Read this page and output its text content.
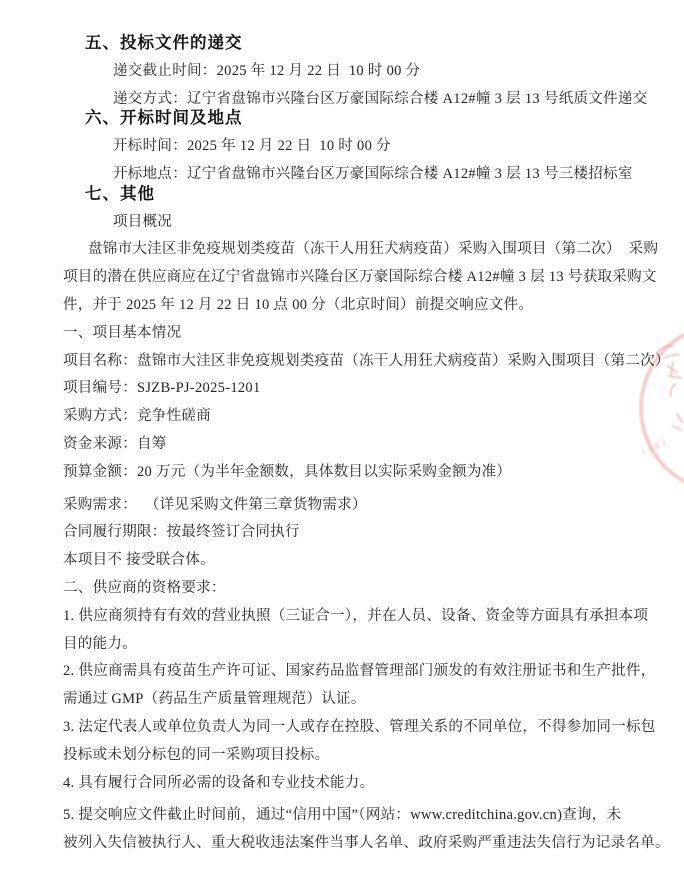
1182
五、投标文件的递交
递交截止时间：2025 年 12 月 22 日  10 时 00 分
递交方式：辽宁省盘锦市兴隆台区万豪国际综合楼 A12#幢 3 层 13 号纸质文件递交
六、开标时间及地点
开标时间：2025 年 12 月 22 日  10 时 00 分
开标地点：辽宁省盘锦市兴隆台区万豪国际综合楼 A12#幢 3 层 13 号三楼招标室
七、其他
项目概况
盘锦市大洼区非免疫规划类疫苗（冻干人用狂犬病疫苗）采购入围项目（第二次）  采购
项目的潜在供应商应在辽宁省盘锦市兴隆台区万豪国际综合楼 A12#幢 3 层 13 号获取采购文
件，并于 2025 年 12 月 22 日 10 点 00 分（北京时间）前提交响应文件。
一、项目基本情况
项目名称：盘锦市大洼区非免疫规划类疫苗（冻干人用狂犬病疫苗）采购入围项目（第二次）
项目编号：SJZB-PJ-2025-1201
采购方式：竞争性磋商
资金来源：自筹
预算金额：20 万元（为半年金额数，具体数目以实际采购金额为准）
采购需求：  （详见采购文件第三章货物需求）
合同履行期限：按最终签订合同执行
本项目不 接受联合体。
二、供应商的资格要求：
1. 供应商须持有有效的营业执照（三证合一），并在人员、设备、资金等方面具有承担本项
目的能力。
2. 供应商需具有疫苗生产许可证、国家药品监督管理部门颁发的有效注册证书和生产批件，
需通过 GMP（药品生产质量管理规范）认证。
3. 法定代表人或单位负责人为同一人或存在控股、管理关系的不同单位，不得参加同一标包
投标或未划分标包的同一采购项目投标。
4. 具有履行合同所必需的设备和专业技术能力。
5. 提交响应文件截止时间前，通过“信用中国”（网站：www.creditchina.gov.cn)查询，未
被列入失信被执行人、重大税收违法案件当事人名单、政府采购严重违法失信行为记录名单。
